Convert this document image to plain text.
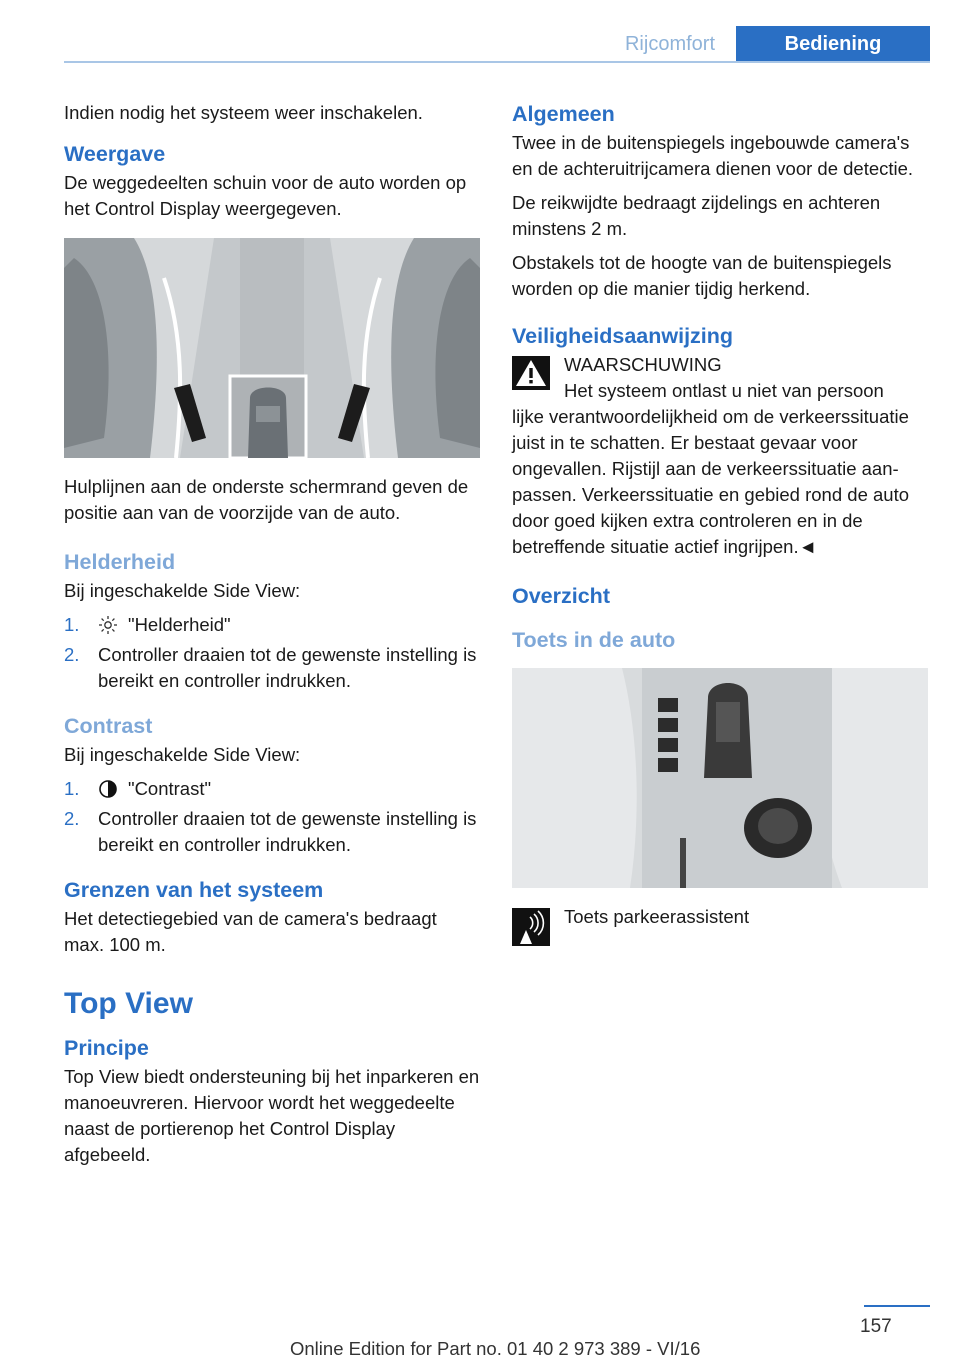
Rijcomfort	Bediening

Indien nodig het systeem weer inschakelen.

Weergave

De weggedeelten schuin voor de auto worden op het Control Display weergegeven.

Hulplijnen aan de onderste schermrand geven de positie aan van de voorzijde van de auto.

Helderheid

Bij ingeschakelde Side View:

1.	"Helderheid"
2.	Controller draaien tot de gewenste instelling is bereikt en controller indrukken.
Contrast

Bij ingeschakelde Side View:

1.	"Contrast"
2.	Controller draaien tot de gewenste instelling is bereikt en controller indrukken.
Grenzen van het systeem

Het detectiegebied van de camera's bedraagt max. 100 m.

Top View
Principe

Top View biedt ondersteuning bij het inparkeren en manoeuvreren. Hiervoor wordt het weggedeelte naast de portierenop het Control Display afgebeeld.

Algemeen

Twee in de buitenspiegels ingebouwde camera's en de achteruitrijcamera dienen voor de detectie.

De reikwijdte bedraagt zijdelings en achteren minstens 2 m.

Obstakels tot de hoogte van de buitenspiegels worden op die manier tijdig herkend.

Veiligheidsaanwijzing
WAARSCHUWING
Het systeem ontlast u niet van persoon
lijke verantwoordelijkheid om de verkeerssituatie juist in te schatten. Er bestaat gevaar voor ongevallen. Rijstijl aan de verkeerssituatie aanpassen. Verkeerssituatie en gebied rond de auto door goed kijken extra controleren en in de betreffende situatie actief ingrijpen.◄
Overzicht
Toets in de auto
Toets parkeerassistent
157
Online Edition for Part no. 01 40 2 973 389 - VI/16
